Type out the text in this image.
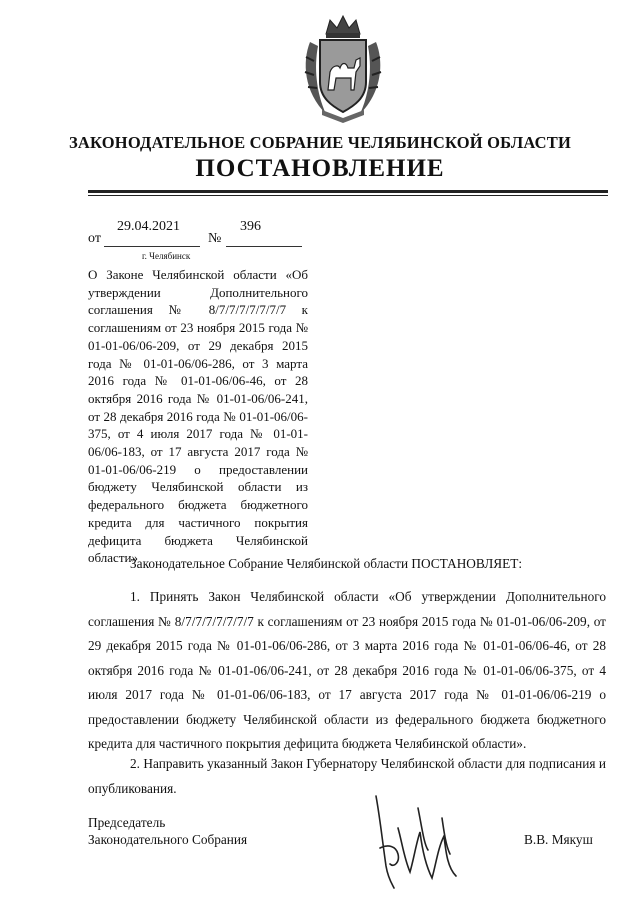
ЗАКОНОДАТЕЛЬНОЕ СОБРАНИЕ ЧЕЛЯБИНСКОЙ ОБЛАСТИ
ПОСТАНОВЛЕНИЕ
от
29.04.2021
№
396
г. Челябинск

О Законе Челябинской области «Об утверждении Дополнительного соглашения № 8/7/7/7/7/7/7/7 к соглашениям от 23 ноября 2015 года № 01-01-06/06-209, от 29 декабря 2015 года № 01-01-06/06-286, от 3 марта 2016 года № 01-01-06/06-46, от 28 октября 2016 года № 01-01-06/06-241, от 28 декабря 2016 года № 01-01-06/06-375, от 4 июля 2017 года № 01-01-06/06-183, от 17 августа 2017 года № 01-01-06/06-219 о предоставлении бюджету Челябинской области из федерального бюджета бюджетного кредита для частичного покрытия дефицита бюджета Челябинской области»

Законодательное Собрание Челябинской области ПОСТАНОВЛЯЕТ:

1. Принять Закон Челябинской области «Об утверждении Дополнительного соглашения № 8/7/7/7/7/7/7/7 к соглашениям от 23 ноября 2015 года № 01-01-06/06-209, от 29 декабря 2015 года № 01-01-06/06-286, от 3 марта 2016 года № 01-01-06/06-46, от 28 октября 2016 года № 01-01-06/06-241, от 28 декабря 2016 года № 01-01-06/06-375, от 4 июля 2017 года № 01-01-06/06-183, от 17 августа 2017 года № 01-01-06/06-219 о предоставлении бюджету Челябинской области из федерального бюджета бюджетного кредита для частичного покрытия дефицита бюджета Челябинской области».

2. Направить указанный Закон Губернатору Челябинской области для подписания и опубликования.

Председатель
Законодательного Собрания	В.В. Мякуш
